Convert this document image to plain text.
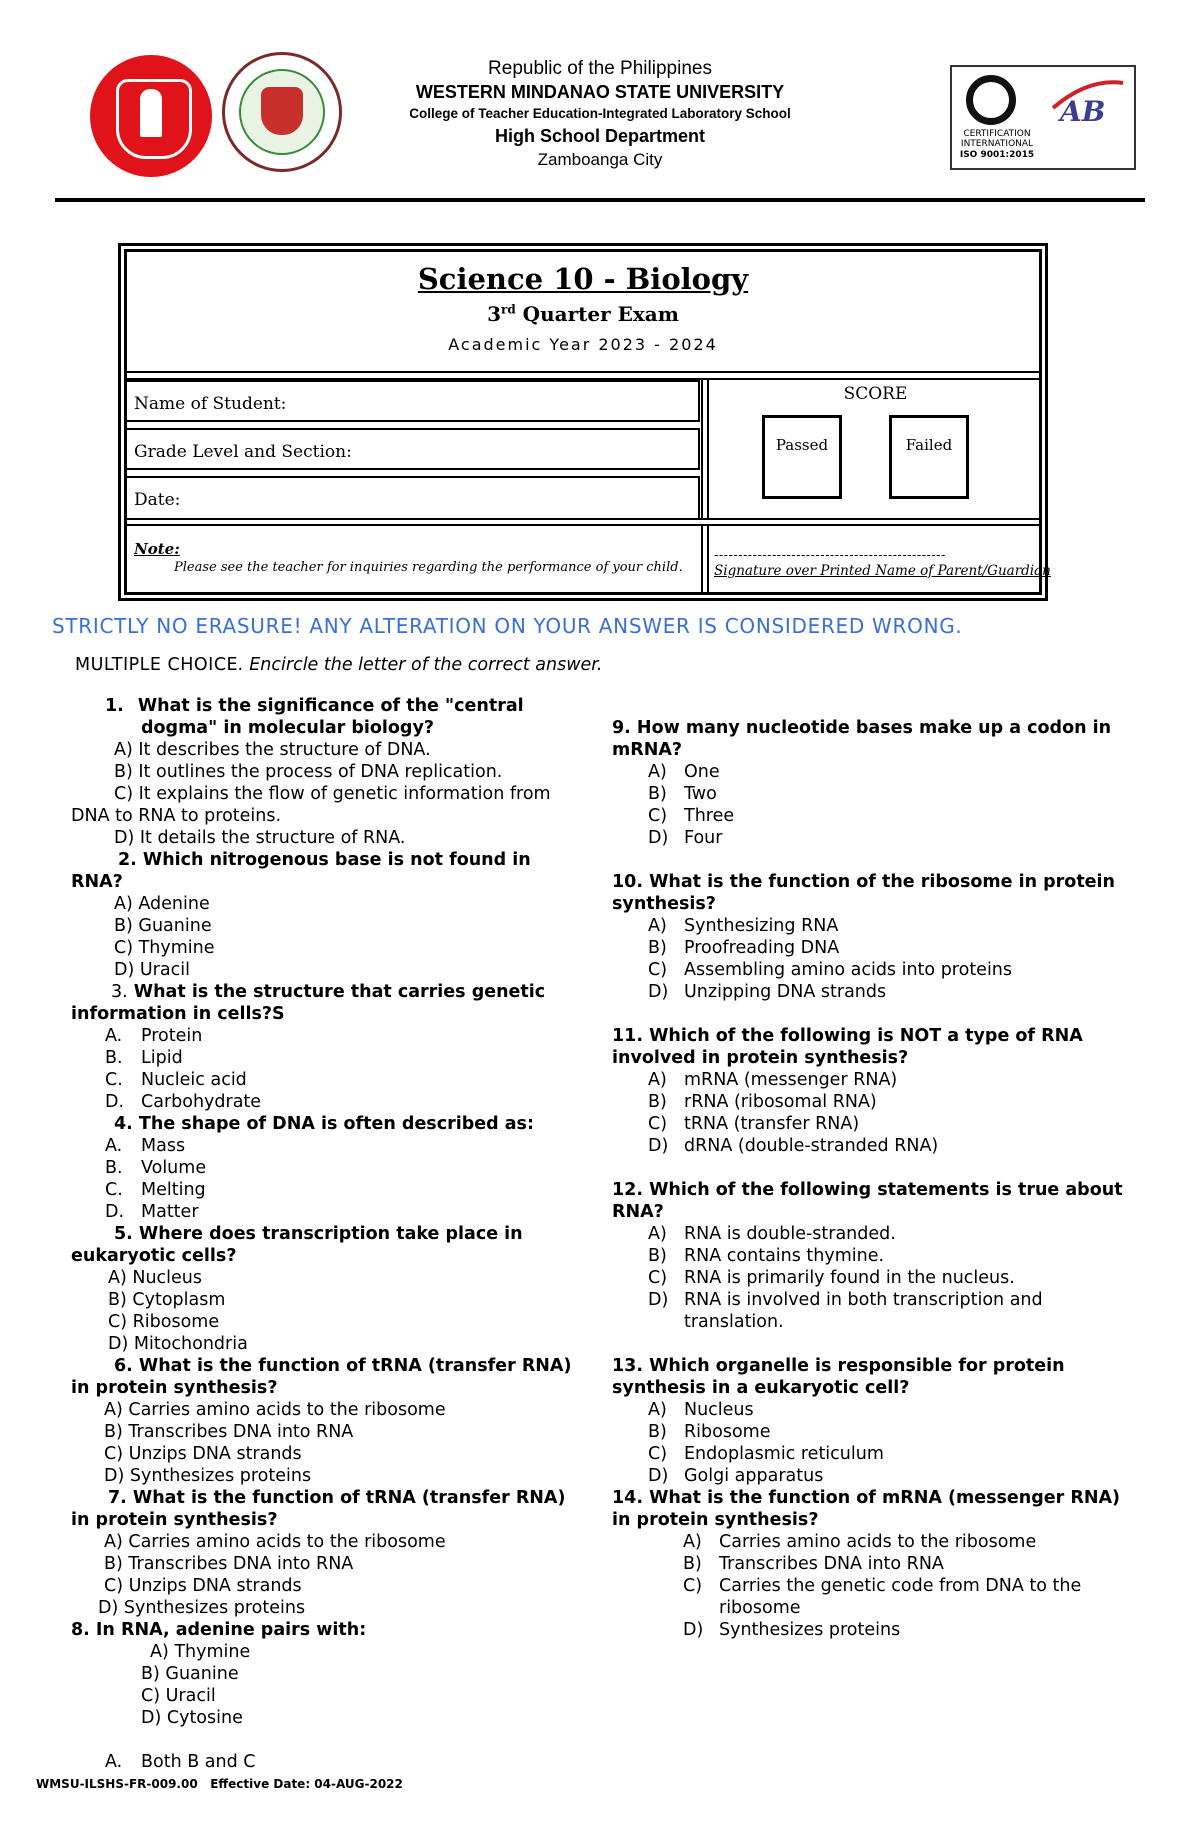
Republic of the Philippines
WESTERN MINDANAO STATE UNIVERSITY
College of Teacher Education-Integrated Laboratory School
High School Department
Zamboanga City
CERTIFICATION
INTERNATIONAL
ISO 9001:2015
AB
Science 10 - Biology
3rd Quarter Exam
Academic Year 2023 - 2024
Name of Student:
Grade Level and Section:
Date:
SCORE
Passed	Failed
Note:
Please see the teacher for inquiries regarding the performance of your child.
------------------------------------------------
Signature over Printed Name of Parent/Guardian
STRICTLY NO ERASURE! ANY ALTERATION ON YOUR ANSWER IS CONSIDERED WRONG.
MULTIPLE CHOICE. Encircle the letter of the correct answer.
1. What is the significance of the "central
dogma" in molecular biology?
A) It describes the structure of DNA.
B) It outlines the process of DNA replication.
C) It explains the flow of genetic information from
DNA to RNA to proteins.
D) It details the structure of RNA.
2. Which nitrogenous base is not found in
RNA?
A) Adenine
B) Guanine
C) Thymine
D) Uracil
3. What is the structure that carries genetic
information in cells?S
A. Protein
B. Lipid
C. Nucleic acid
D. Carbohydrate
4. The shape of DNA is often described as:
A. Mass
B. Volume
C. Melting
D. Matter
5. Where does transcription take place in
eukaryotic cells?
A) Nucleus
B) Cytoplasm
C) Ribosome
D) Mitochondria
6. What is the function of tRNA (transfer RNA)
in protein synthesis?
A) Carries amino acids to the ribosome
B) Transcribes DNA into RNA
C) Unzips DNA strands
D) Synthesizes proteins
7. What is the function of tRNA (transfer RNA)
in protein synthesis?
A) Carries amino acids to the ribosome
B) Transcribes DNA into RNA
C) Unzips DNA strands
D) Synthesizes proteins
8. In RNA, adenine pairs with:
A) Thymine
B) Guanine
C) Uracil
D) Cytosine
A. Both B and C
WMSU-ILSHS-FR-009.00   Effective Date: 04-AUG-2022
9. How many nucleotide bases make up a codon in
mRNA?
A) One
B) Two
C) Three
D) Four
10. What is the function of the ribosome in protein
synthesis?
A) Synthesizing RNA
B) Proofreading DNA
C) Assembling amino acids into proteins
D) Unzipping DNA strands
11. Which of the following is NOT a type of RNA
involved in protein synthesis?
A) mRNA (messenger RNA)
B) rRNA (ribosomal RNA)
C) tRNA (transfer RNA)
D) dRNA (double-stranded RNA)
12. Which of the following statements is true about
RNA?
A) RNA is double-stranded.
B) RNA contains thymine.
C) RNA is primarily found in the nucleus.
D) RNA is involved in both transcription and
translation.
13. Which organelle is responsible for protein
synthesis in a eukaryotic cell?
A) Nucleus
B) Ribosome
C) Endoplasmic reticulum
D) Golgi apparatus
14. What is the function of mRNA (messenger RNA)
in protein synthesis?
A) Carries amino acids to the ribosome
B) Transcribes DNA into RNA
C) Carries the genetic code from DNA to the
ribosome
D) Synthesizes proteins
